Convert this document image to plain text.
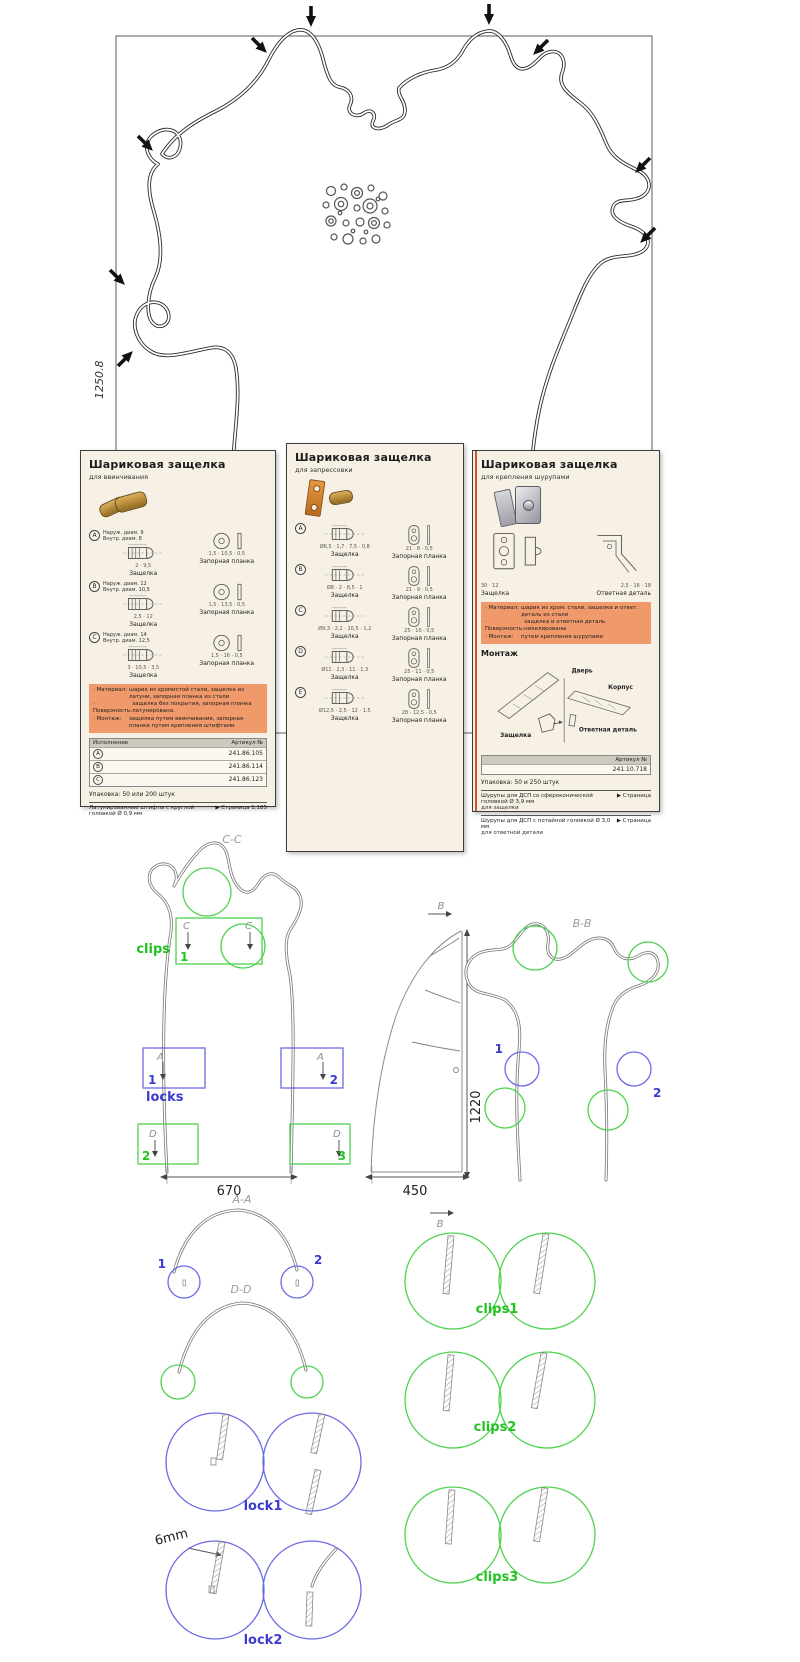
1250.8
Шариковая защелка
для ввинчивания
A	Наруж. диам. 9
Внутр. диам. 8
2 · 9,5
Защелка
1,5 · 10,5 · 0,5
Запорная планка
B	Наруж. диам. 12
Внутр. диам. 10,5
2,5 · 12
Защелка
1,5 · 13,5 · 0,5
Запорная планка
C	Наруж. диам. 14
Внутр. диам. 12,5
3 · 10,5 · 3,5
Защелка
1,5 · 16 · 0,5
Запорная планка
· Материал: шарик из хромистой стали, защелка из латуни, запорная планка из стали
· Поверхность:
защелка без покрытия, запорная планка латунирована.
· Монтаж:	защелка путем ввинчивания, запорная планка путем крепления штифтами
Исполнение	Артикул №
A	241.86.105
B	241.86.114
C	241.86.123
Упаковка: 50 или 200 штук
Латунированные штифты с круглой головкой Ø 0,9 мм
▶ Страница 1.185
Шариковая защелка
для запрессовки
A
Ø6,5 · 1,7 · 7,5 · 0,8
Защелка
21 · 8 · 0,5
Запорная планка
B
Ø8 · 2 · 8,5 · 1
Защелка
21 · 9 · 0,5
Запорная планка
C
Ø9,3 · 2,2 · 10,5 · 1,2
Защелка
25 · 10 · 0,5
Запорная планка
D
Ø11 · 2,3 · 11 · 1,3
Защелка
25 · 11 · 0,5
Запорная планка
E
Ø12,5 · 2,5 · 12 · 1,5
Защелка
28 · 12,5 · 0,5
Запорная планка
Шариковая защелка
для крепления шурупами
30 · 12	2,5 · 16 · 18
Защелка	Ответная деталь
· Материал: шарик из хром. стали, защелка и ответ. деталь из стали
· Поверхность:
защелка и ответная деталь никелированы
· Монтаж:	путем крепления шурупами
Монтаж
Дверь
Корпус
Защелка
Ответная деталь
Артикул №
241.10.718
Упаковка: 50 и 250 штук
Шурупы для ДСП со сфероконической головкой Ø 3,9 мм
для защелки
▶ Страница
Шурупы для ДСП с потайной головкой Ø 3,0 мм
для ответной детали
▶ Страница
C-C
C	C
1
clips
A
1
A
2
locks
D
2
D
3
670
B
1220
450
B
B-B
1
2
A-A
1	2
D-D
clips1
clips2
clips3
lock1
6mm
lock2
